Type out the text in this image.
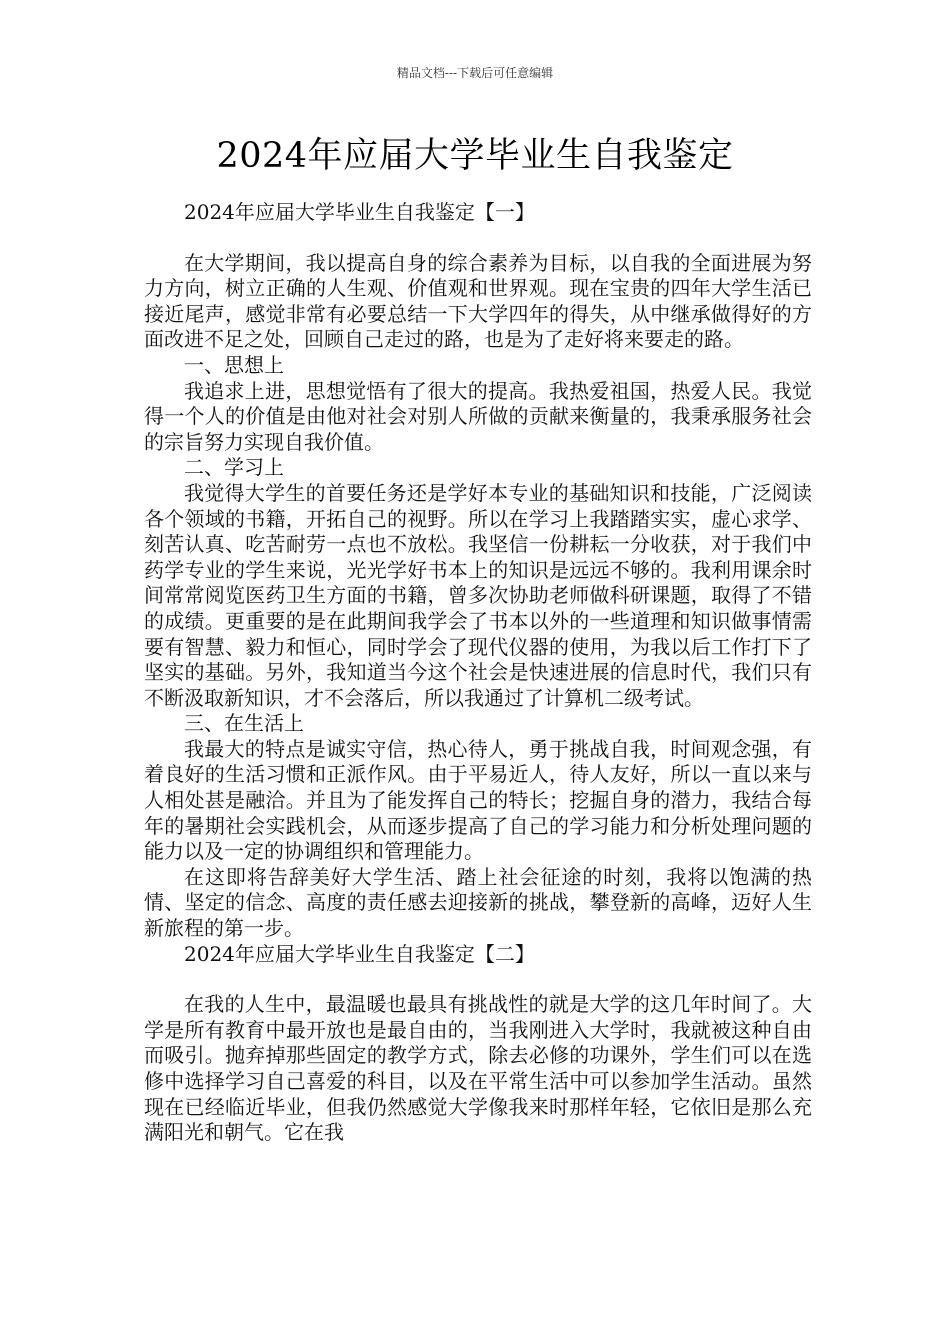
精品文档---下载后可任意编辑
2024年应届大学毕业生自我鉴定

2024年应届大学毕业生自我鉴定【一】

在大学期间，我以提高自身的综合素养为目标，以自我的全面进展为努力方向，树立正确的人生观、价值观和世界观。现在宝贵的四年大学生活已接近尾声，感觉非常有必要总结一下大学四年的得失，从中继承做得好的方面改进不足之处，回顾自己走过的路，也是为了走好将来要走的路。

一、思想上

我追求上进，思想觉悟有了很大的提高。我热爱祖国，热爱人民。我觉得一个人的价值是由他对社会对别人所做的贡献来衡量的，我秉承服务社会的宗旨努力实现自我价值。

二、学习上

我觉得大学生的首要任务还是学好本专业的基础知识和技能，广泛阅读各个领域的书籍，开拓自己的视野。所以在学习上我踏踏实实，虚心求学、刻苦认真、吃苦耐劳一点也不放松。我坚信一份耕耘一分收获，对于我们中药学专业的学生来说，光光学好书本上的知识是远远不够的。我利用课余时间常常阅览医药卫生方面的书籍，曾多次协助老师做科研课题，取得了不错的成绩。更重要的是在此期间我学会了书本以外的一些道理和知识做事情需要有智慧、毅力和恒心，同时学会了现代仪器的使用，为我以后工作打下了坚实的基础。另外，我知道当今这个社会是快速进展的信息时代，我们只有不断汲取新知识，才不会落后，所以我通过了计算机二级考试。

三、在生活上

我最大的特点是诚实守信，热心待人，勇于挑战自我，时间观念强，有着良好的生活习惯和正派作风。由于平易近人，待人友好，所以一直以来与人相处甚是融洽。并且为了能发挥自己的特长；挖掘自身的潜力，我结合每年的暑期社会实践机会，从而逐步提高了自己的学习能力和分析处理问题的能力以及一定的协调组织和管理能力。

在这即将告辞美好大学生活、踏上社会征途的时刻，我将以饱满的热情、坚定的信念、高度的责任感去迎接新的挑战，攀登新的高峰，迈好人生新旅程的第一步。

2024年应届大学毕业生自我鉴定【二】

在我的人生中，最温暖也最具有挑战性的就是大学的这几年时间了。大学是所有教育中最开放也是最自由的，当我刚进入大学时，我就被这种自由而吸引。抛弃掉那些固定的教学方式，除去必修的功课外，学生们可以在选修中选择学习自己喜爱的科目，以及在平常生活中可以参加学生活动。虽然现在已经临近毕业，但我仍然感觉大学像我来时那样年轻，它依旧是那么充满阳光和朝气。它在我
